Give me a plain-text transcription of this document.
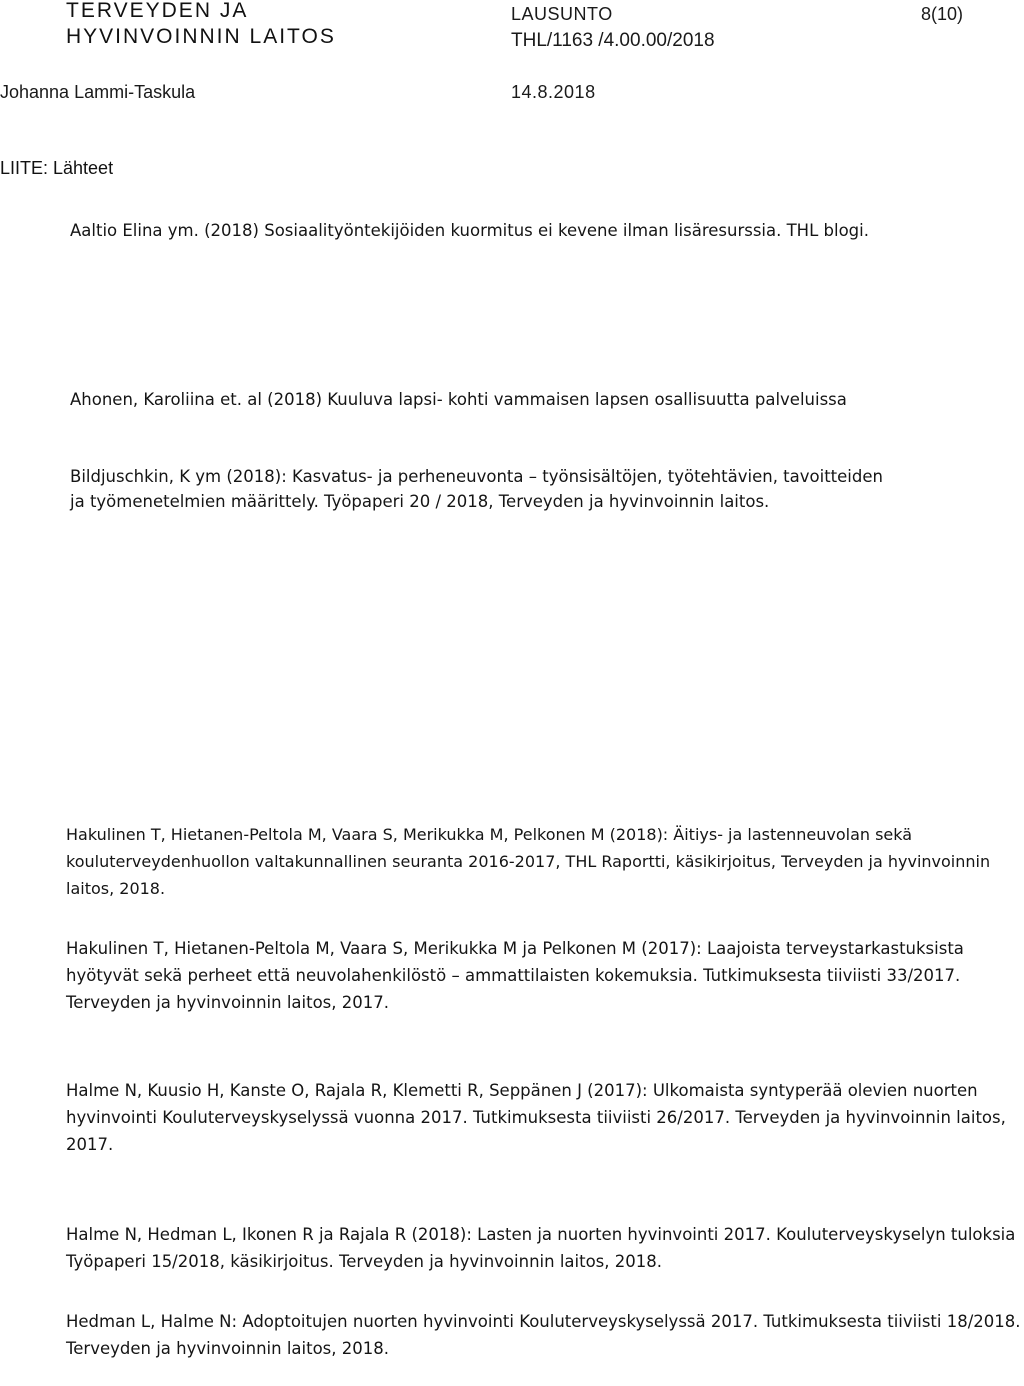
TERVEYDEN JA
HYVINVOINNIN LAITOS
LAUSUNTO
THL/1163 /4.00.00/2018
8(10)
Johanna Lammi-Taskula	14.8.2018
LIITE: Lähteet

Aaltio Elina ym. (2018) Sosiaalityöntekijöiden kuormitus ei kevene ilman lisäresurssia. THL blogi.

Ahonen, Karoliina et. al (2018) Kuuluva lapsi- kohti vammaisen lapsen osallisuutta palveluissa

Bildjuschkin, K ym (2018): Kasvatus- ja perheneuvonta – työnsisältöjen, työtehtävien, tavoitteiden
ja työmenetelmien määrittely. Työpaperi 20 / 2018, Terveyden ja hyvinvoinnin laitos.

Hakulinen T, Hietanen-Peltola M, Vaara S, Merikukka M, Pelkonen M (2018): Äitiys- ja lastenneuvolan sekä
kouluterveydenhuollon valtakunnallinen seuranta 2016-2017, THL Raportti, käsikirjoitus, Terveyden ja hyvinvoinnin
laitos, 2018.

Hakulinen T, Hietanen-Peltola M, Vaara S, Merikukka M ja Pelkonen M (2017): Laajoista terveystarkastuksista
hyötyvät sekä perheet että neuvolahenkilöstö – ammattilaisten kokemuksia. Tutkimuksesta tiiviisti 33/2017.
Terveyden ja hyvinvoinnin laitos, 2017.

Halme N, Kuusio H, Kanste O, Rajala R, Klemetti R, Seppänen J (2017): Ulkomaista syntyperää olevien nuorten
hyvinvointi Kouluterveyskyselyssä vuonna 2017. Tutkimuksesta tiiviisti 26/2017. Terveyden ja hyvinvoinnin laitos,
2017.

Halme N, Hedman L, Ikonen R ja Rajala R (2018): Lasten ja nuorten hyvinvointi 2017. Kouluterveyskyselyn tuloksia
Työpaperi 15/2018, käsikirjoitus. Terveyden ja hyvinvoinnin laitos, 2018.

Hedman L, Halme N: Adoptoitujen nuorten hyvinvointi Kouluterveyskyselyssä 2017. Tutkimuksesta tiiviisti 18/2018.
Terveyden ja hyvinvoinnin laitos, 2018.
